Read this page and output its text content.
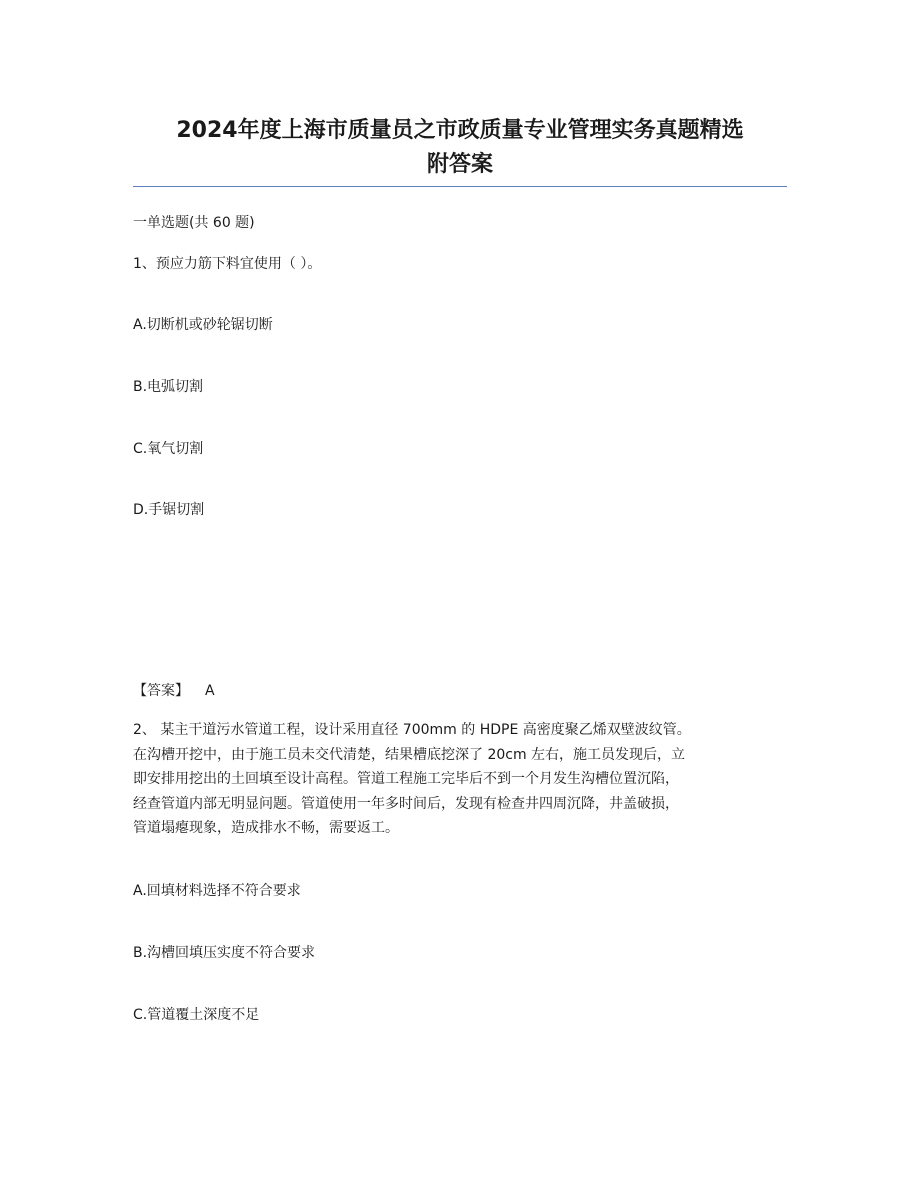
2024年度上海市质量员之市政质量专业管理实务真题精选
附答案
一单选题(共 60 题)
1、预应力筋下料宜使用（ ）。
A.切断机或砂轮锯切断
B.电弧切割
C.氧气切割
D.手锯切割
【答案】 A
2、 某主干道污水管道工程，设计采用直径 700mm 的 HDPE 高密度聚乙烯双壁波纹管。
在沟槽开挖中，由于施工员未交代清楚，结果槽底挖深了 20cm 左右，施工员发现后，立
即安排用挖出的土回填至设计高程。管道工程施工完毕后不到一个月发生沟槽位置沉陷，
经查管道内部无明显问题。管道使用一年多时间后，发现有检查井四周沉降，井盖破损，
管道塌瘪现象，造成排水不畅，需要返工。
A.回填材料选择不符合要求
B.沟槽回填压实度不符合要求
C.管道覆土深度不足
